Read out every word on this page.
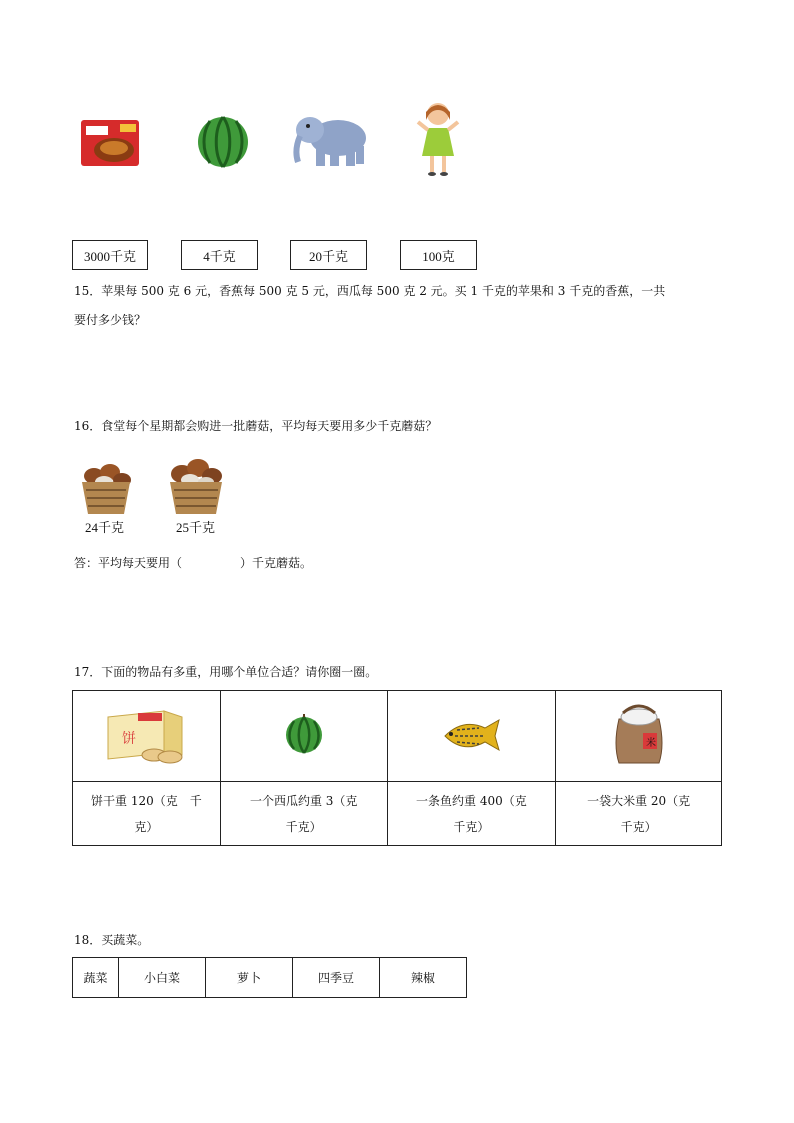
3000千克	4千克	20千克	100克
15．苹果每 500 克 6 元，香蕉每 500 克 5 元，西瓜每 500 克 2 元。买 1 千克的苹果和 3 千克的香蕉，一共
要付多少钱？
16．食堂每个星期都会购进一批蘑菇，平均每天要用多少千克蘑菇？
24千克	25千克
答：平均每天要用（	）千克蘑菇。
17．下面的物品有多重，用哪个单位合适？请你圈一圈。
饼			米

饼干重 120（克　千克）	一个西瓜约重 3（克　千克）	一条鱼约重 400（克　千克）	一袋大米重 20（克　千克）
18．买蔬菜。
蔬菜	小白菜	萝卜	四季豆	辣椒
